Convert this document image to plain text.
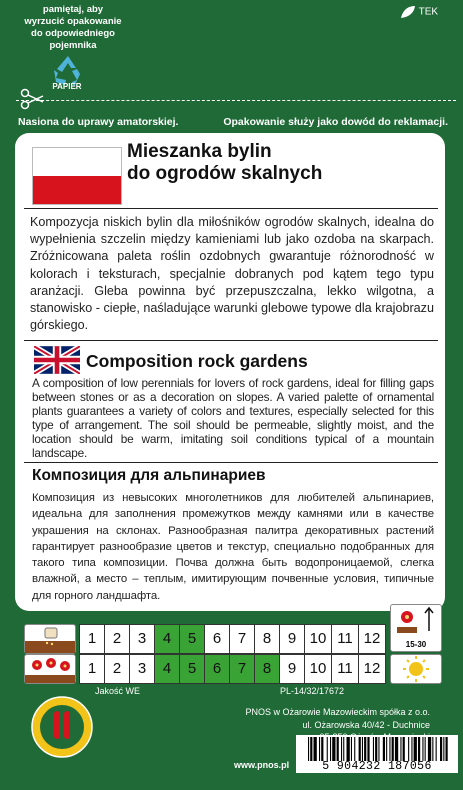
pamiętaj, aby
wyrzucić opakowanie
do odpowiedniego
pojemnika
PAPIER
TEK
Nasiona do uprawy amatorskiej.	Opakowanie służy jako dowód do reklamacji.
Mieszanka bylin
do ogrodów skalnych
Kompozycja niskich bylin dla miłośników ogrodów skalnych, idealna do wypełnienia szczelin między kamieniami lub jako ozdoba na skarpach. Zróżnicowana paleta roślin ozdobnych gwarantuje różnorodność w kolorach i teksturach, specjalnie dobranych pod kątem tego typu aranżacji. Gleba powinna być przepuszczalna, lekko wilgotna, a stanowisko - ciepłe, naśladujące warunki glebowe typowe dla krajobrazu górskiego.
Composition rock gardens
A composition of low perennials for lovers of rock gardens, ideal for filling gaps between stones or as a decoration on slopes. A varied palette of ornamental plants guarantees a variety of colors and textures, especially selected for this type of arrangement. The soil should be permeable, slightly moist, and the location should be warm, imitating soil conditions typical of a mountain landscape.
Композиция для альпинариев
Композиция из невысоких многолетников для любителей альпинариев, идеальна для заполнения промежутков между камнями или в качестве украшения на склонах. Разнообразная палитра декоративных растений гарантирует разнообразие цветов и текстур, специально подобранных для такого типа композиции. Почва должна быть водопроницаемой, слегка влажной, а место – теплым, имитирующим почвенные условия, типичные для горного ландшафта.
1	2	3	4	5	6	7	8	9 10 11 12
1	2	3	4	5	6	7	8	9 10 11 12
15-30
Jakość WE	PL-14/32/17672
PNOS w Ożarowie Mazowieckim spółka z o.o.
ul. Ożarowska 40/42 - Duchnice
www.pnos.pl	5 904232 187056
